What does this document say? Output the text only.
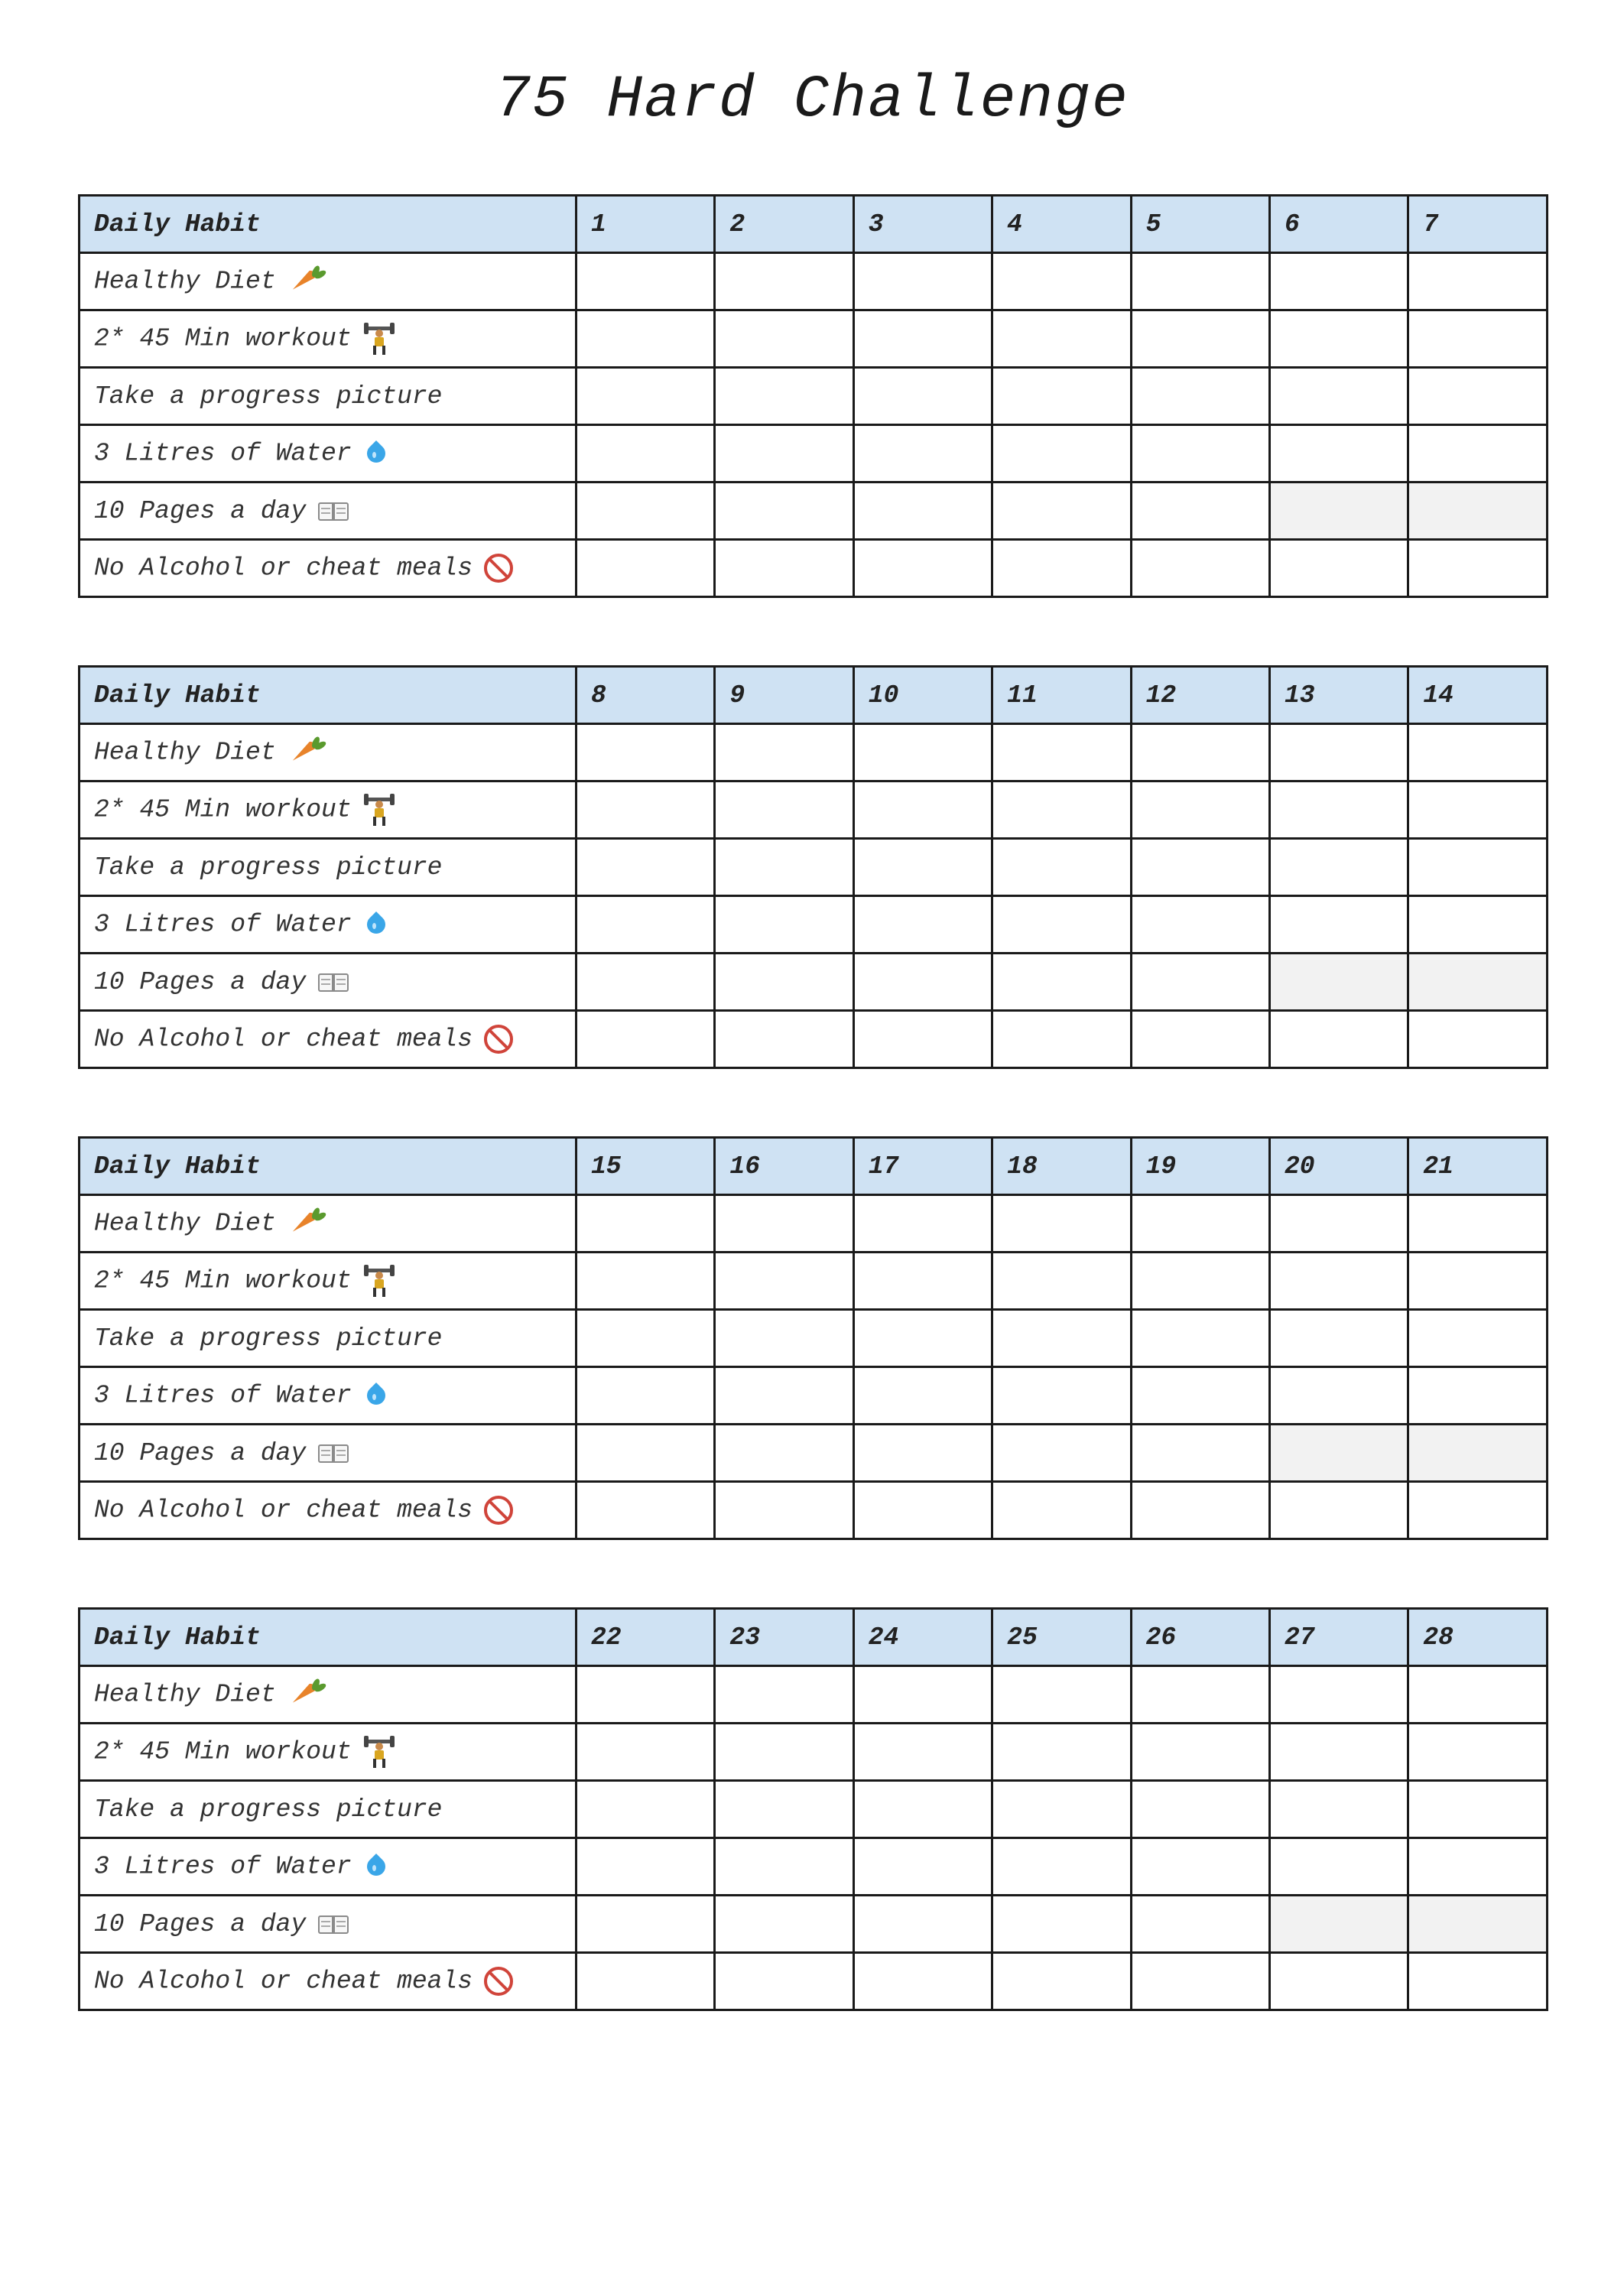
75 Hard Challenge
Daily Habit	1	2	3	4	5	6	7
Healthy Diet

2* 45 Min workout

Take a progress picture							
3 Litres of Water

10 Pages a day

No Alcohol or cheat meals

Daily Habit	8	9	10	11	12	13	14
Healthy Diet

2* 45 Min workout

Take a progress picture							
3 Litres of Water

10 Pages a day

No Alcohol or cheat meals

Daily Habit	15	16	17	18	19	20	21
Healthy Diet

2* 45 Min workout

Take a progress picture							
3 Litres of Water

10 Pages a day

No Alcohol or cheat meals

Daily Habit	22	23	24	25	26	27	28
Healthy Diet

2* 45 Min workout

Take a progress picture							
3 Litres of Water

10 Pages a day

No Alcohol or cheat meals
